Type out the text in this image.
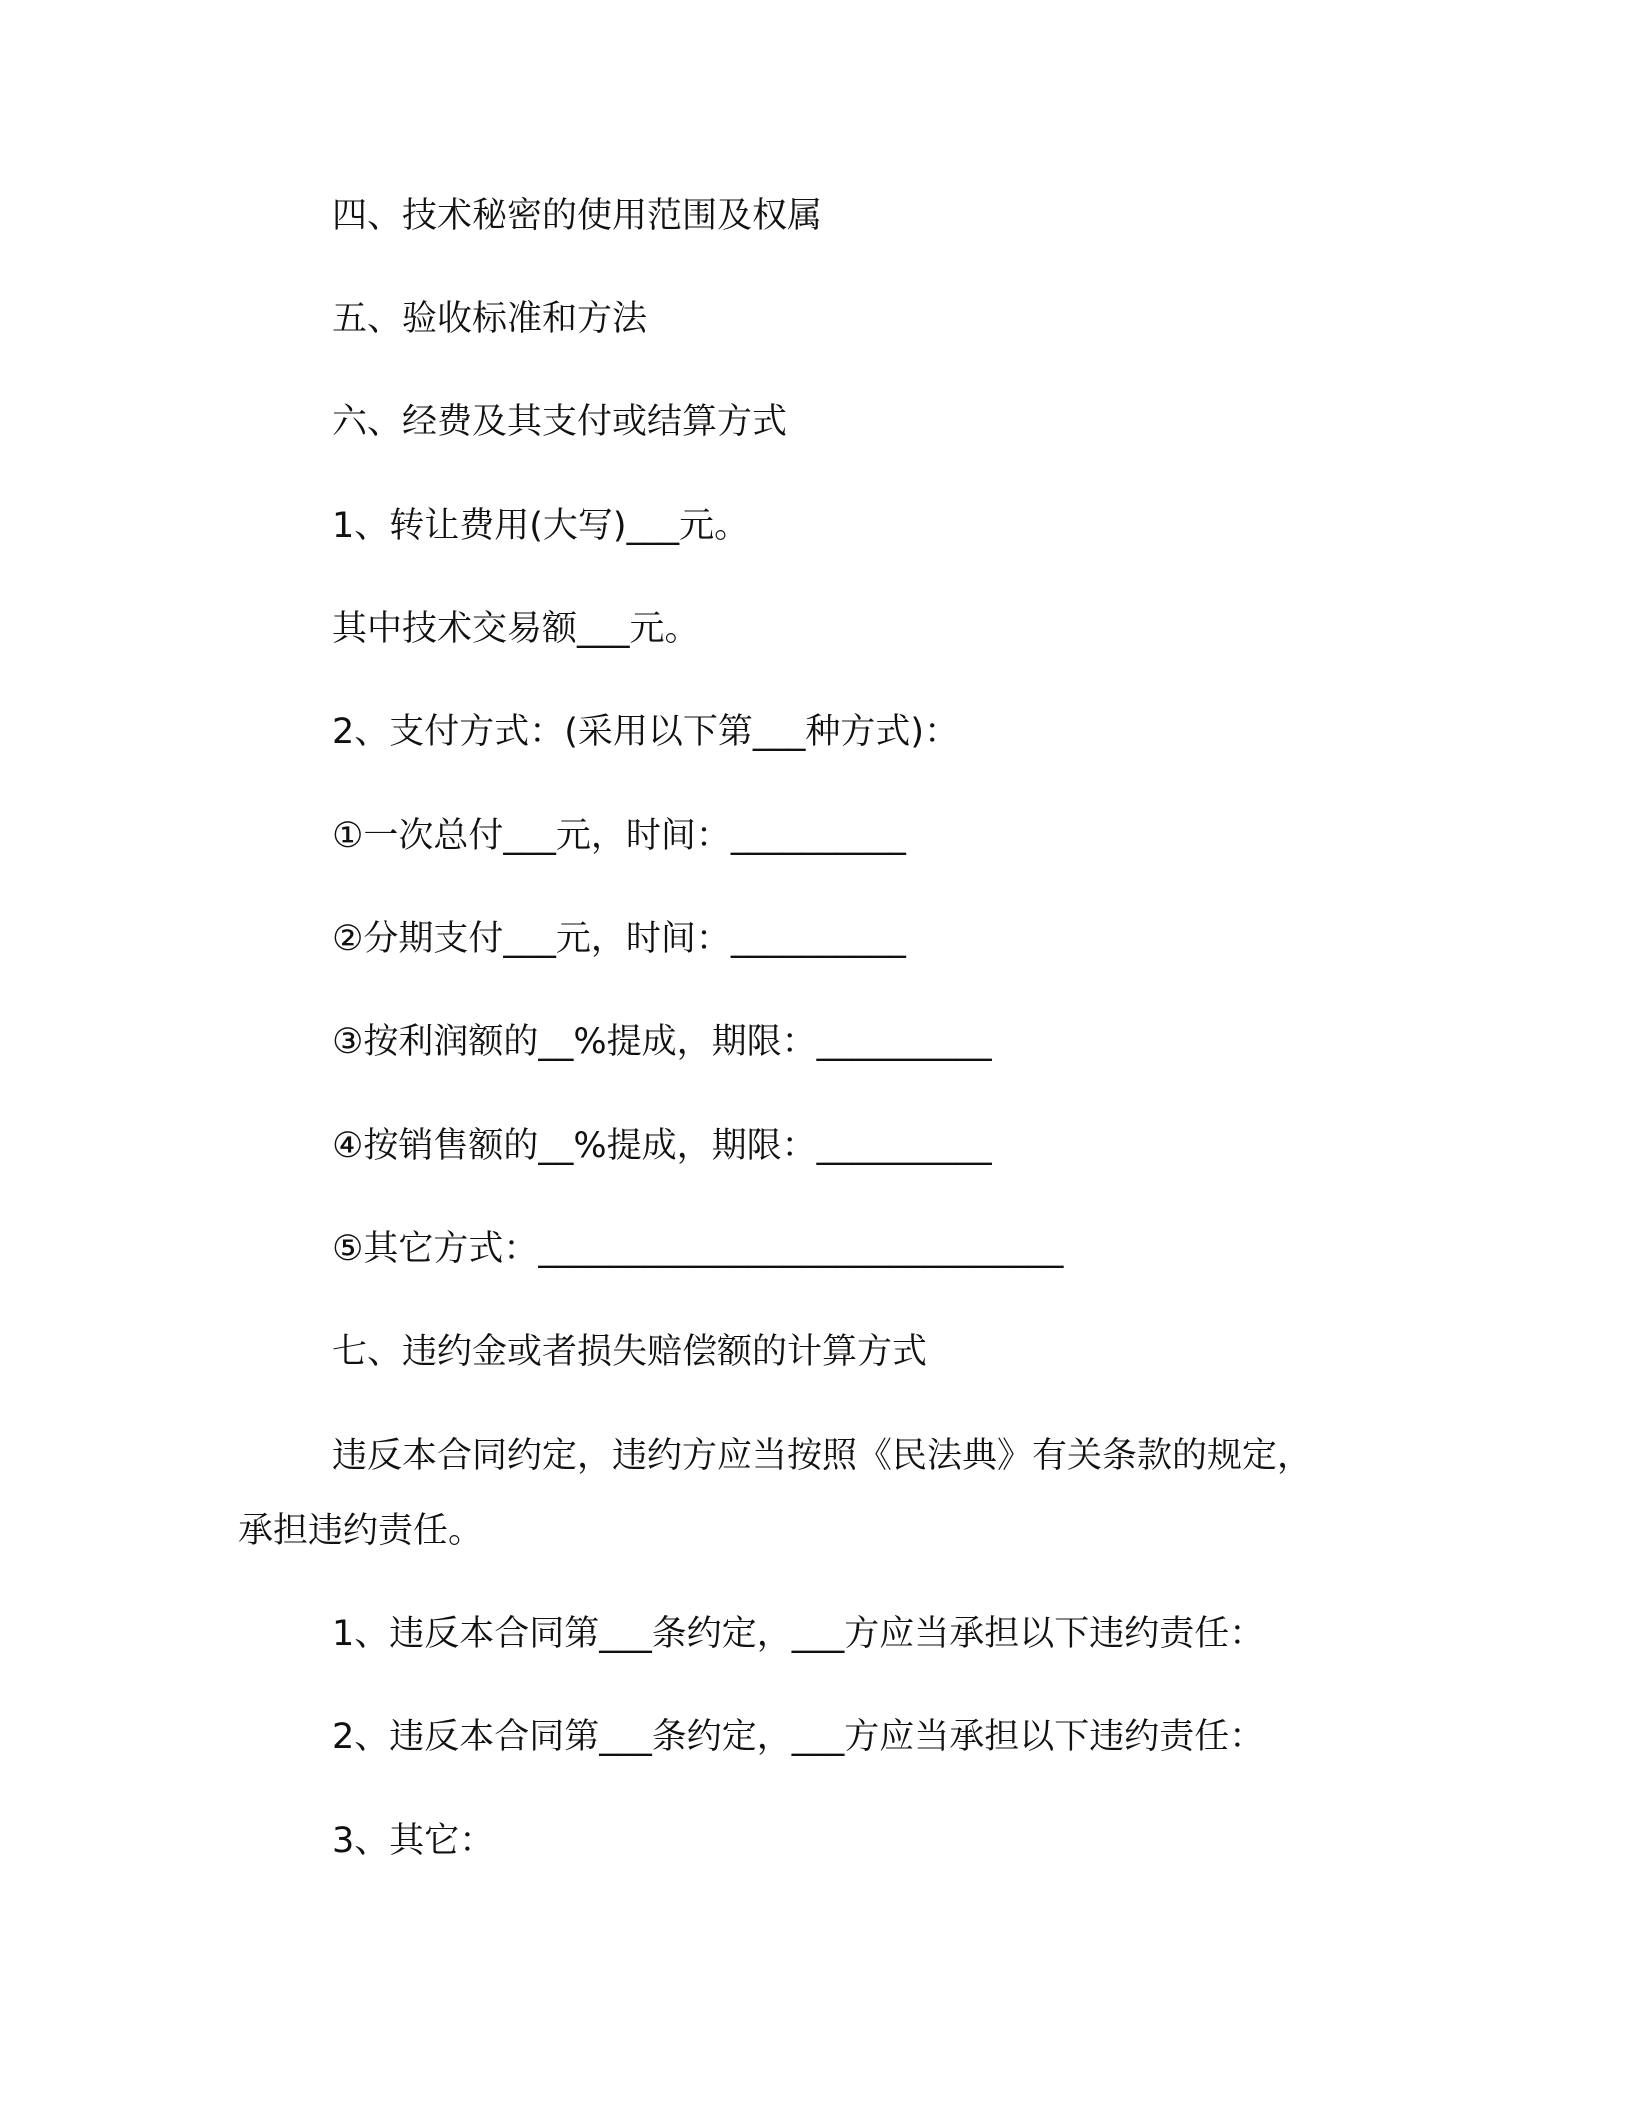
四、技术秘密的使用范围及权属
五、验收标准和方法
六、经费及其支付或结算方式
1、转让费用(大写)___元。
其中技术交易额___元。
2、支付方式：(采用以下第___种方式)：
①一次总付___元，时间：__________
②分期支付___元，时间：__________
③按利润额的__%提成，期限：__________
④按销售额的__%提成，期限：__________
⑤其它方式：______________________________
七、违约金或者损失赔偿额的计算方式
违反本合同约定，违约方应当按照《民法典》有关条款的规定，
承担违约责任。
1、违反本合同第___条约定，___方应当承担以下违约责任：
2、违反本合同第___条约定，___方应当承担以下违约责任：
3、其它：
